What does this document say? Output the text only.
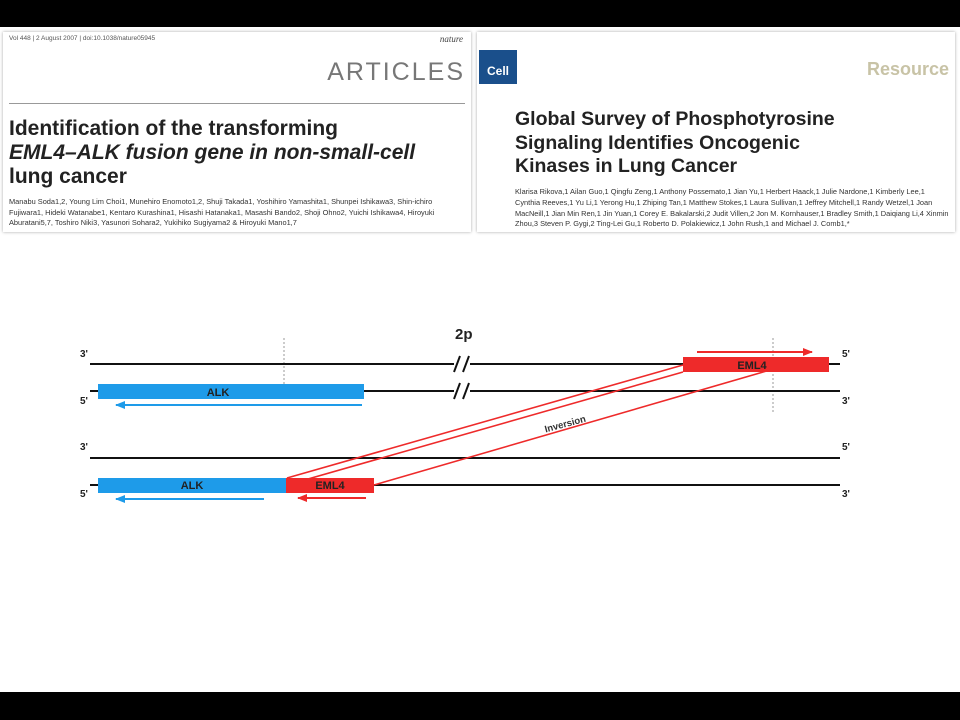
Vol 448 | 2 August 2007 | doi:10.1038/nature05945	nature
ARTICLES
Identification of the transforming
EML4–ALK fusion gene in non-small-cell
lung cancer
Manabu Soda1,2, Young Lim Choi1, Munehiro Enomoto1,2, Shuji Takada1, Yoshihiro Yamashita1, Shunpei Ishikawa3, Shin-ichiro Fujiwara1, Hideki Watanabe1, Kentaro Kurashina1, Hisashi Hatanaka1, Masashi Bando2, Shoji Ohno2, Yuichi Ishikawa4, Hiroyuki Aburatani5,7, Toshiro Niki3, Yasunori Sohara2, Yukihiko Sugiyama2 & Hiroyuki Mano1,7
Cell	Resource
Global Survey of Phosphotyrosine
Signaling Identifies Oncogenic
Kinases in Lung Cancer
Klarisa Rikova,1 Ailan Guo,1 Qingfu Zeng,1 Anthony Possemato,1 Jian Yu,1 Herbert Haack,1 Julie Nardone,1 Kimberly Lee,1 Cynthia Reeves,1 Yu Li,1 Yerong Hu,1 Zhiping Tan,1 Matthew Stokes,1 Laura Sullivan,1 Jeffrey Mitchell,1 Randy Wetzel,1 Joan MacNeill,1 Jian Min Ren,1 Jin Yuan,1 Corey E. Bakalarski,2 Judit Villen,2 Jon M. Kornhauser,1 Bradley Smith,1 Daiqiang Li,4 Xinmin Zhou,3 Steven P. Gygi,2 Ting-Lei Gu,1 Roberto D. Polakiewicz,1 John Rush,1 and Michael J. Comb1,*
2p
ALK
EML4
Inversion
ALK	EML4
3'	5'
5'	3'
3'	5'
5'	3'
